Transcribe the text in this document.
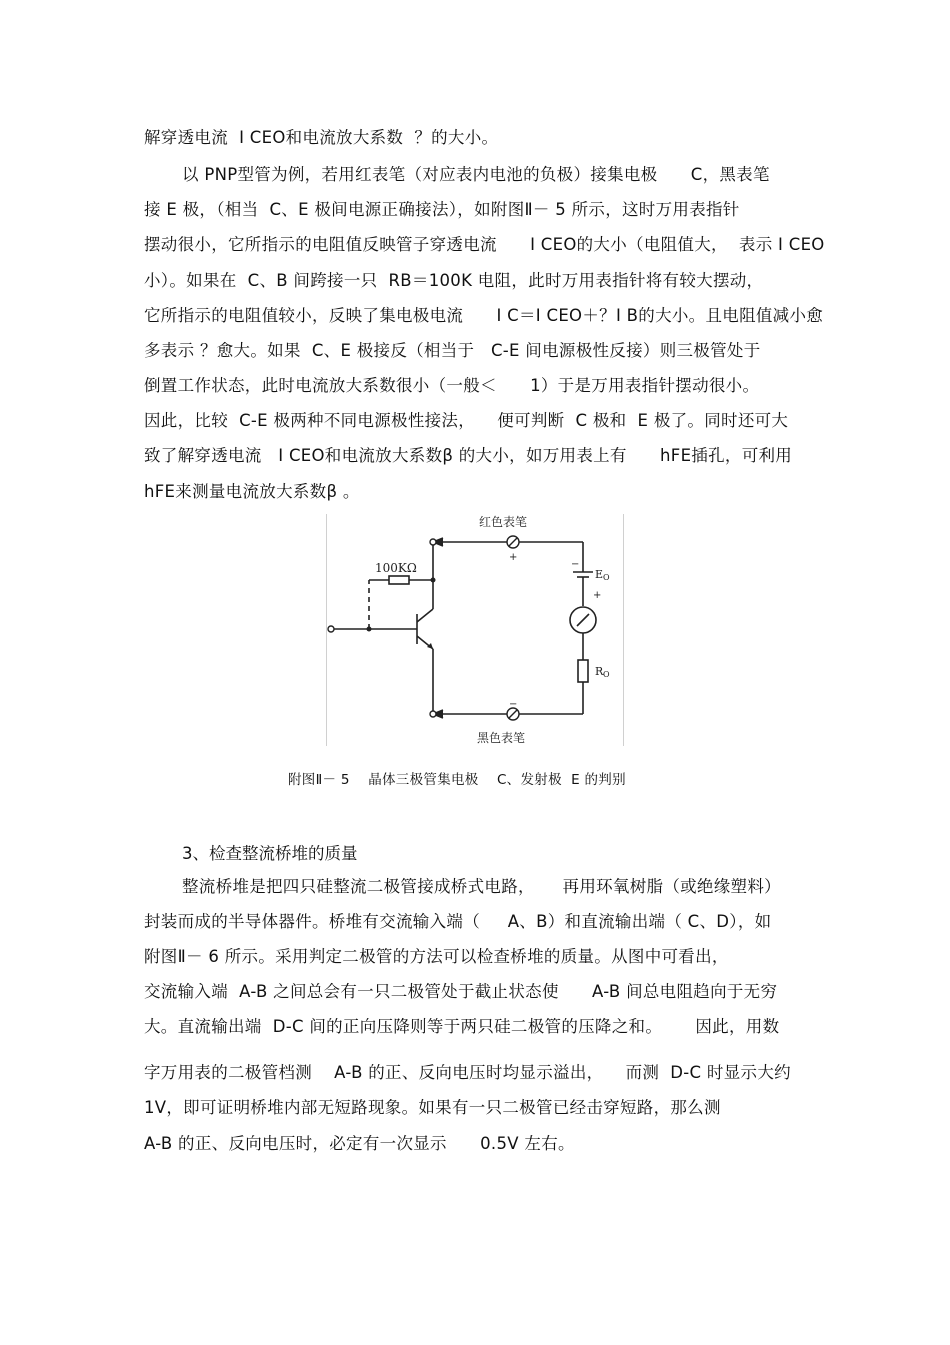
解穿透电流  I CEO和电流放大系数  ？的大小。
以 PNP型管为例，若用红表笔（对应表内电池的负极）接集电极      C，黑表笔
接 E 极，（相当  C、E 极间电源正确接法），如附图Ⅱ－ 5 所示，这时万用表指针
摆动很小，它所指示的电阻值反映管子穿透电流      I CEO的大小（电阻值大，  表示 I CEO
小）。如果在  C、B 间跨接一只  RB＝100K 电阻，此时万用表指针将有较大摆动，
它所指示的电阻值较小，反映了集电极电流      I C＝I CEO＋？I B的大小。且电阻值减小愈
多表示 ？愈大。如果  C、E 极接反（相当于   C-E 间电源极性反接）则三极管处于
倒置工作状态，此时电流放大系数很小（一般＜      1）于是万用表指针摆动很小。
因此，比较  C-E 极两种不同电源极性接法，    便可判断  C 极和  E 极了。同时还可大
致了解穿透电流   I CEO和电流放大系数β 的大小，如万用表上有      hFE插孔，可利用
hFE来测量电流放大系数β 。
红色表笔
+
黑色表笔
−
100KΩ	−
E O
+
R O
附图Ⅱ－ 5    晶体三极管集电极    C、发射极  E 的判别
3、检查整流桥堆的质量
整流桥堆是把四只硅整流二极管接成桥式电路，     再用环氧树脂（或绝缘塑料）
封装而成的半导体器件。桥堆有交流输入端（     A、B）和直流输出端（ C、D），如
附图Ⅱ－ 6 所示。采用判定二极管的方法可以检查桥堆的质量。从图中可看出，
交流输入端  A-B 之间总会有一只二极管处于截止状态使      A-B 间总电阻趋向于无穷
大。直流输出端  D-C 间的正向压降则等于两只硅二极管的压降之和。      因此，用数
字万用表的二极管档测    A-B 的正、反向电压时均显示溢出，    而测  D-C 时显示大约
1V，即可证明桥堆内部无短路现象。如果有一只二极管已经击穿短路，那么测
A-B 的正、反向电压时，必定有一次显示      0.5V 左右。
